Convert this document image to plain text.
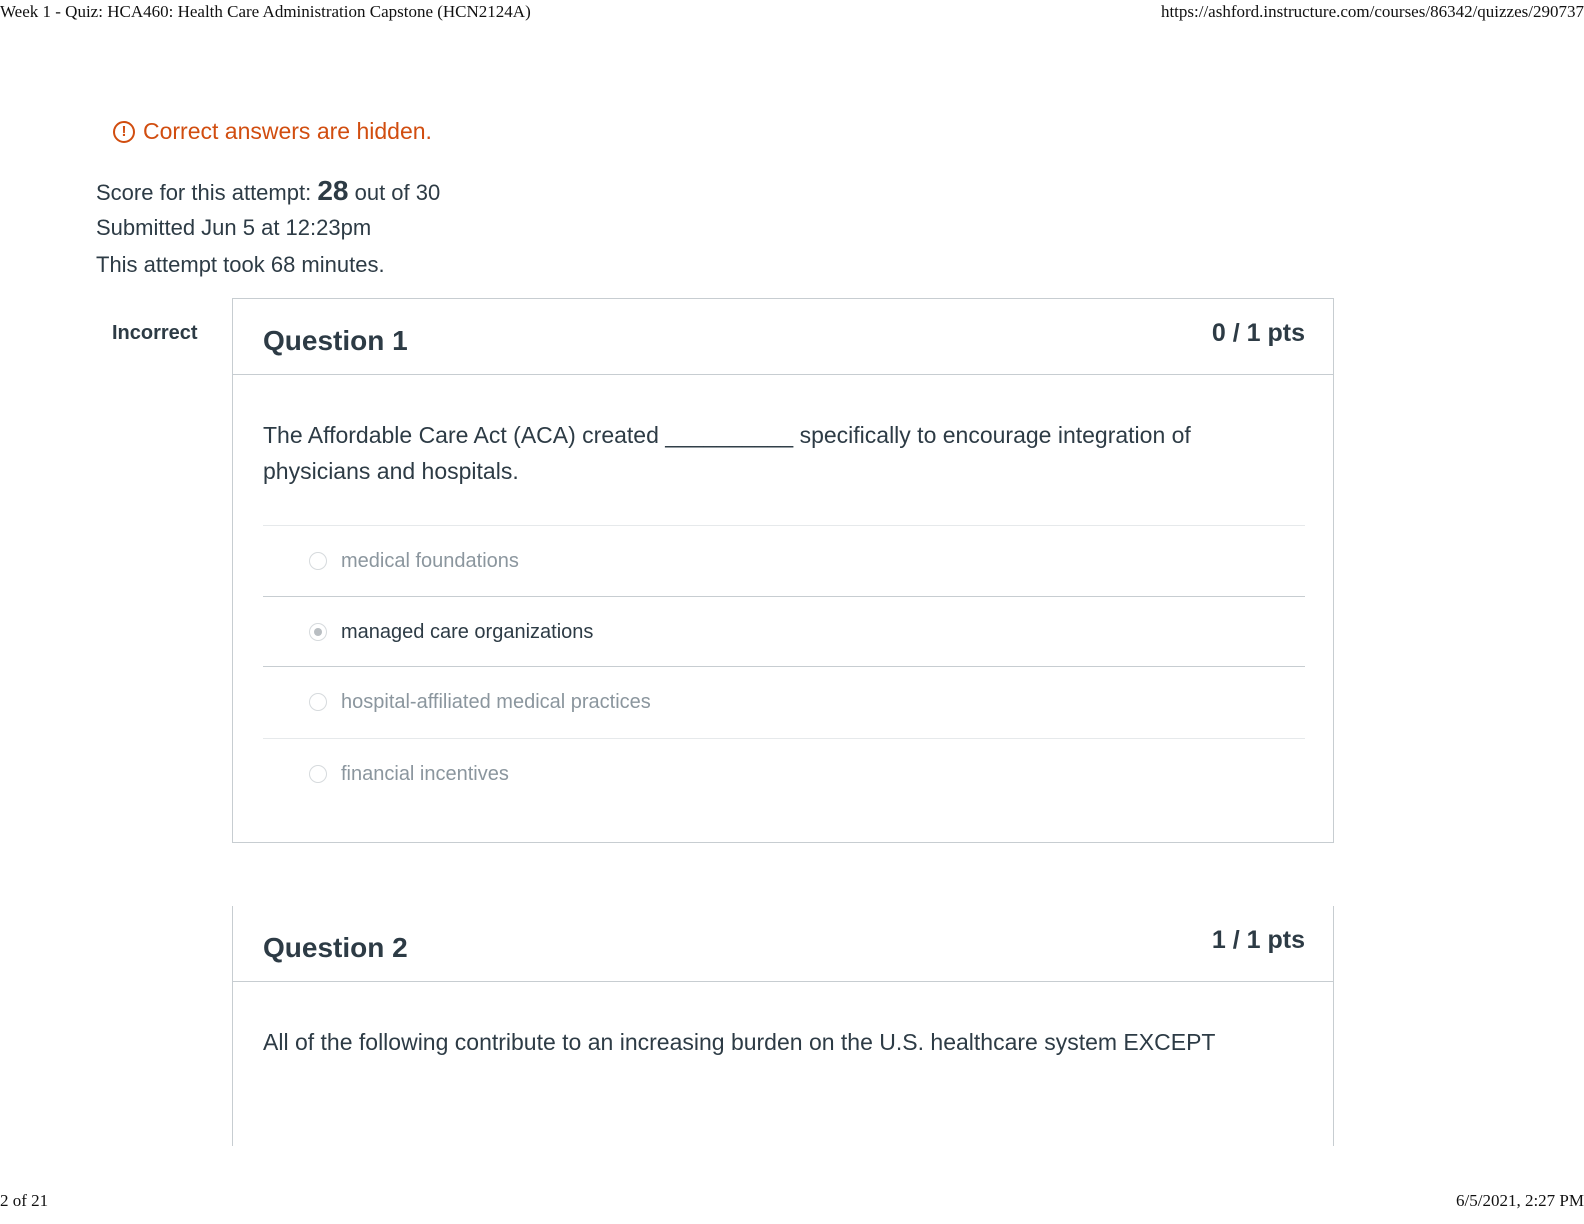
Week 1 - Quiz: HCA460: Health Care Administration Capstone (HCN2124A)	https://ashford.instructure.com/courses/86342/quizzes/290737
! Correct answers are hidden.
Score for this attempt: 28 out of 30
Submitted Jun 5 at 12:23pm
This attempt took 68 minutes.
Incorrect Question 1	0 / 1 pts
The Affordable Care Act (ACA) created __________ specifically to encourage integration of physicians and hospitals.
medical foundations
managed care organizations
hospital-affiliated medical practices
financial incentives
Question 2	1 / 1 pts
All of the following contribute to an increasing burden on the U.S. healthcare system EXCEPT
2 of 21	6/5/2021, 2:27 PM
